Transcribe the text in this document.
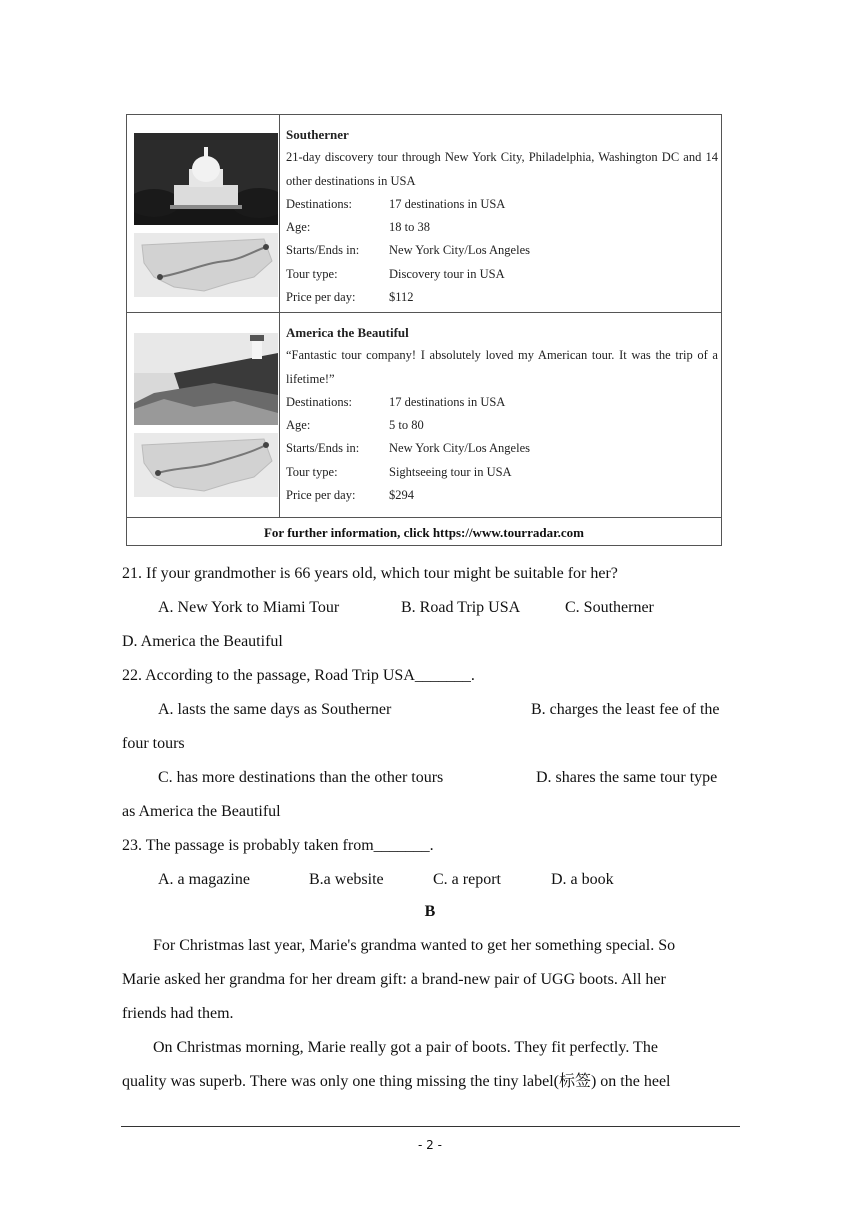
Southerner
21-day discovery tour through New York City, Philadelphia, Washington DC and 14 other destinations in USA
Destinations:	17 destinations in USA
Age:	18 to 38
Starts/Ends in:	New York City/Los Angeles
Tour type:	Discovery tour in USA
Price per day:	$112
America the Beautiful
“Fantastic tour company! I absolutely loved my American tour. It was the trip of a lifetime!”
Destinations:	17 destinations in USA
Age:	5 to 80
Starts/Ends in:	New York City/Los Angeles
Tour type:	Sightseeing tour in USA
Price per day:	$294
For further information, click https://www.tourradar.com
21. If your grandmother is 66 years old, which tour might be suitable for her?
A. New York to Miami Tour	B. Road Trip USA	C. Southerner
D. America the Beautiful
22. According to the passage, Road Trip USA_______.
A. lasts the same days as Southerner	B. charges the least fee of the
four tours
C. has more destinations than the other tours	D. shares the same tour type
as America the Beautiful
23. The passage is probably taken from_______.
A. a magazine	B.a website	C. a report	D. a book
B
For Christmas last year, Marie's grandma wanted to get her something special. So
Marie asked her grandma for her dream gift: a brand-new pair of UGG boots. All her
friends had them.
On Christmas morning, Marie really got a pair of boots. They fit perfectly. The
quality was superb. There was only one thing missing the tiny label(标签) on the heel
- 2 -
